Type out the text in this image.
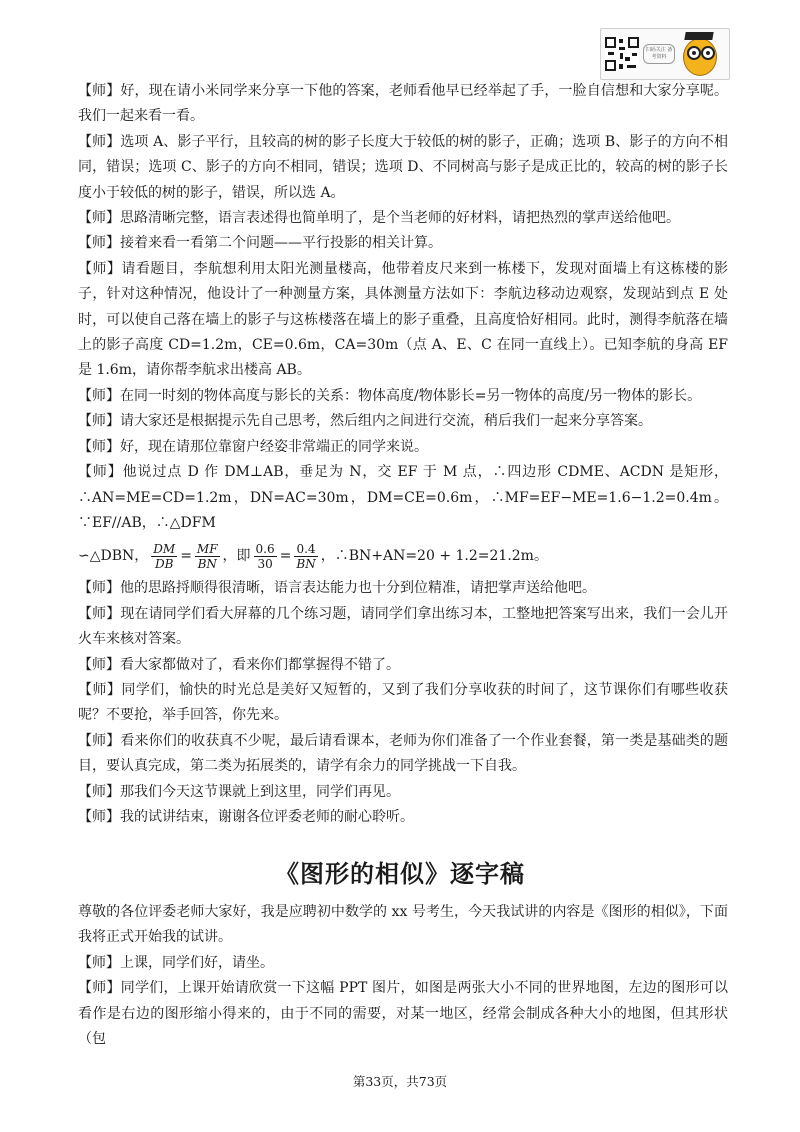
扫码关注 备考资料

【师】好，现在请小米同学来分享一下他的答案，老师看他早已经举起了手，一脸自信想和大家分享呢。我们一起来看一看。

【师】选项 A、影子平行，且较高的树的影子长度大于较低的树的影子，正确；选项 B、影子的方向不相同，错误；选项 C、影子的方向不相同，错误；选项 D、不同树高与影子是成正比的，较高的树的影子长度小于较低的树的影子，错误，所以选 A。

【师】思路清晰完整，语言表述得也简单明了，是个当老师的好材料，请把热烈的掌声送给他吧。

【师】接着来看一看第二个问题——平行投影的相关计算。

【师】请看题目，李航想利用太阳光测量楼高，他带着皮尺来到一栋楼下，发现对面墙上有这栋楼的影子，针对这种情况，他设计了一种测量方案，具体测量方法如下：李航边移动边观察，发现站到点 E 处时，可以使自己落在墙上的影子与这栋楼落在墙上的影子重叠，且高度恰好相同。此时，测得李航落在墙上的影子高度 CD=1.2m，CE=0.6m，CA=30m（点 A、E、C 在同一直线上）。已知李航的身高 EF 是 1.6m，请你帮李航求出楼高 AB。

【师】在同一时刻的物体高度与影长的关系：物体高度/物体影长=另一物体的高度/另一物体的影长。

【师】请大家还是根据提示先自己思考，然后组内之间进行交流，稍后我们一起来分享答案。

【师】好，现在请那位靠窗户经姿非常端正的同学来说。

【师】他说过点 D 作 DM⊥AB，垂足为 N，交 EF 于 M 点，∴四边形 CDME、ACDN 是矩形，∴AN=ME=CD=1.2m，DN=AC=30m，DM=CE=0.6m，∴MF=EF−ME=1.6−1.2=0.4m。∵EF//AB，∴△DFM

∽△DBN， $\frac{DM}{DB} = \frac{MF}{BN}$ ，即 $\frac{0.6}{30} = \frac{0.4}{BN}$ ，∴BN+AN=20 + 1.2=21.2m。

【师】他的思路捋顺得很清晰，语言表达能力也十分到位精准，请把掌声送给他吧。

【师】现在请同学们看大屏幕的几个练习题，请同学们拿出练习本，工整地把答案写出来，我们一会儿开火车来核对答案。

【师】看大家都做对了，看来你们都掌握得不错了。

【师】同学们，愉快的时光总是美好又短暂的，又到了我们分享收获的时间了，这节课你们有哪些收获呢？不要抢，举手回答，你先来。

【师】看来你们的收获真不少呢，最后请看课本，老师为你们准备了一个作业套餐，第一类是基础类的题目，要认真完成，第二类为拓展类的，请学有余力的同学挑战一下自我。

【师】那我们今天这节课就上到这里，同学们再见。

【师】我的试讲结束，谢谢各位评委老师的耐心聆听。

《图形的相似》逐字稿

尊敬的各位评委老师大家好，我是应聘初中数学的 xx 号考生，今天我试讲的内容是《图形的相似》，下面我将正式开始我的试讲。

【师】上课，同学们好，请坐。

【师】同学们，上课开始请欣赏一下这幅 PPT 图片，如图是两张大小不同的世界地图，左边的图形可以看作是右边的图形缩小得来的，由于不同的需要，对某一地区，经常会制成各种大小的地图，但其形状（包

第33页，共73页
